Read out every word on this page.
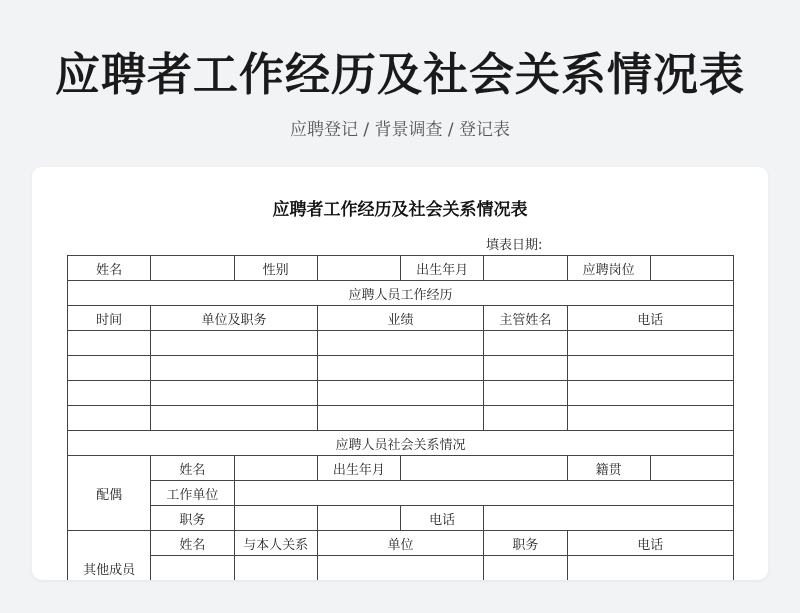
应聘者工作经历及社会关系情况表
应聘登记 / 背景调查 / 登记表
应聘者工作经历及社会关系情况表
填表日期:
姓名		性别		出生年月		应聘岗位	
应聘人员工作经历							
时间	单位及职务		业绩		主管姓名	电话	

应聘人员社会关系情况							
配偶	姓名		出生年月			籍贯	
	工作单位						
	职务			电话			
其他成员	姓名	与本人关系	单位		职务	电话	
